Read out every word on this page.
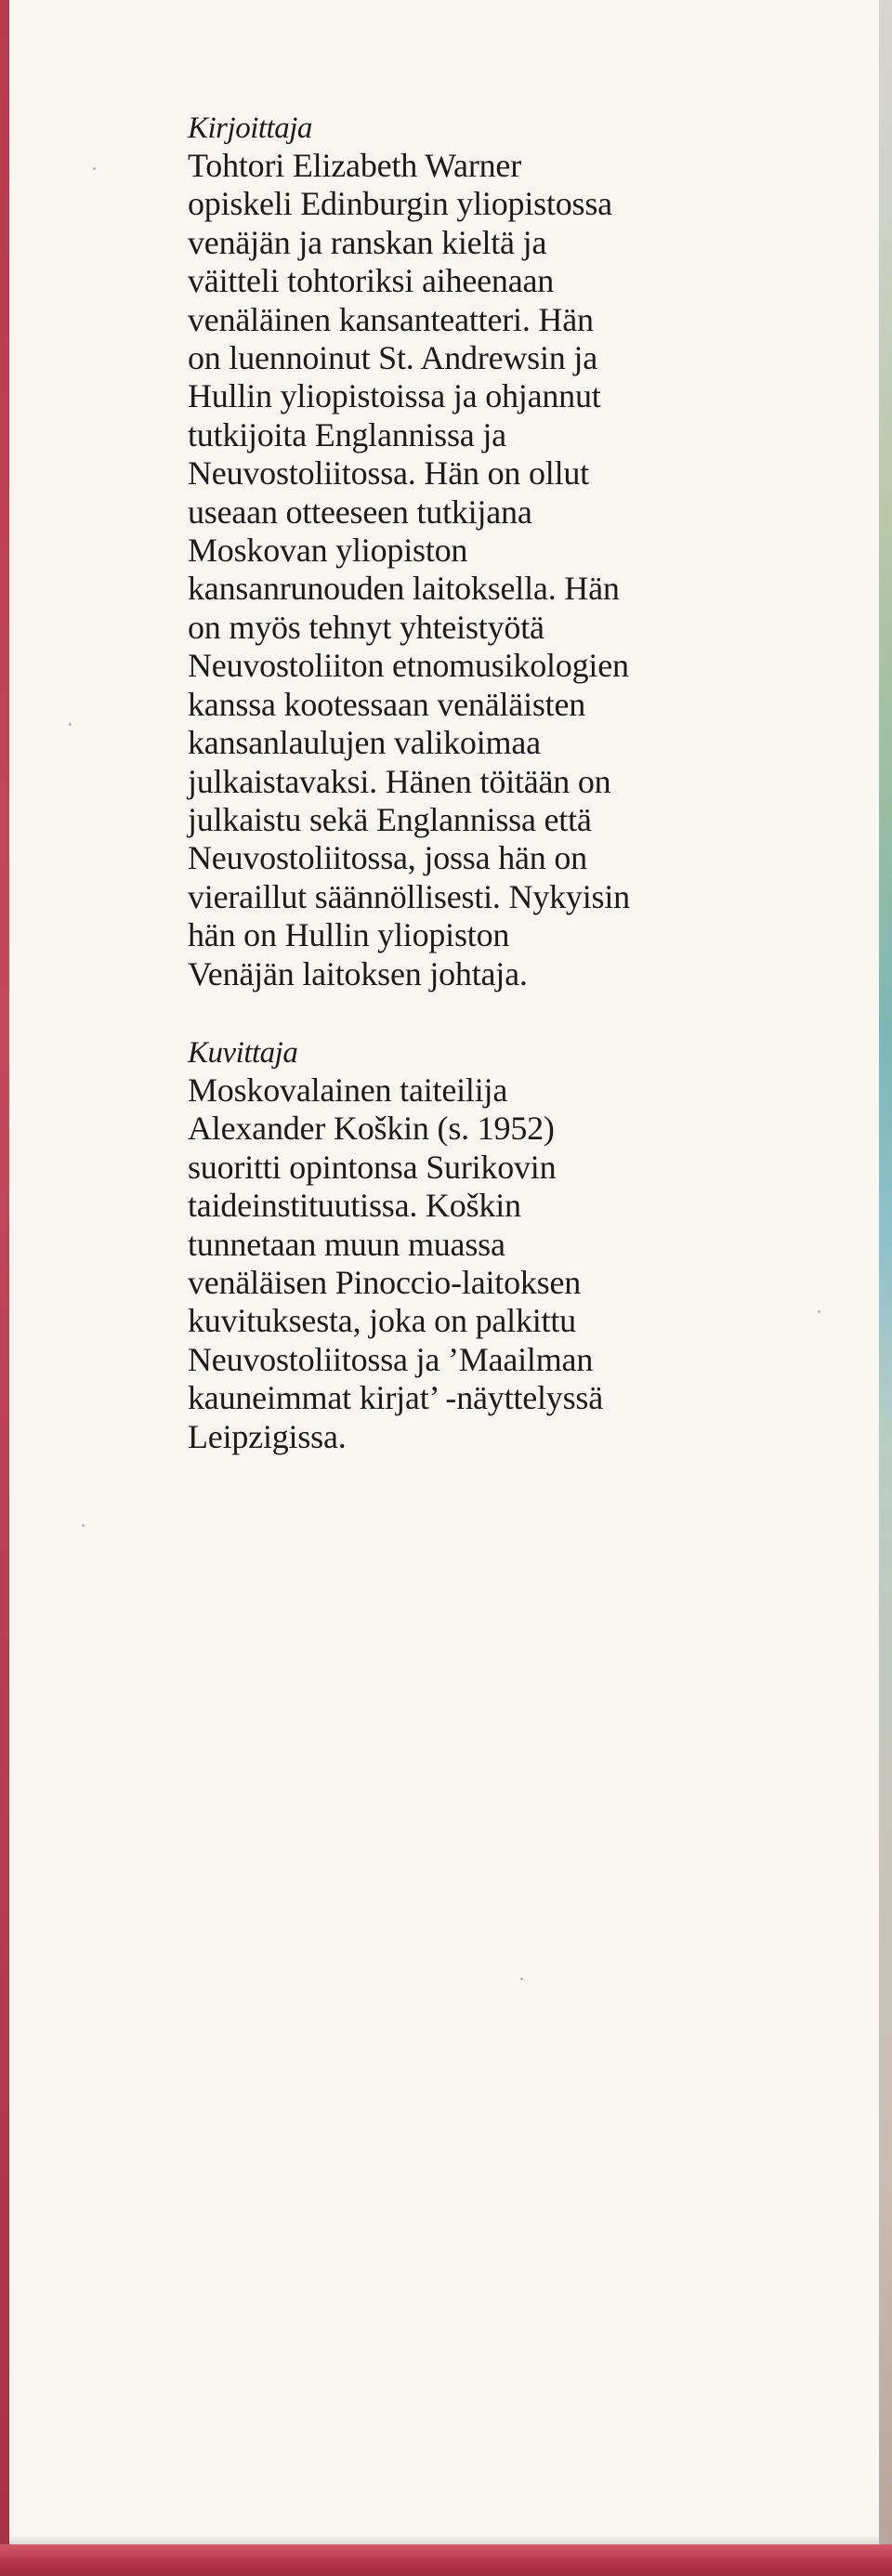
Kirjoittaja
Tohtori Elizabeth Warner
opiskeli Edinburgin yliopistossa
venäjän ja ranskan kieltä ja
väitteli tohtoriksi aiheenaan
venäläinen kansanteatteri. Hän
on luennoinut St. Andrewsin ja
Hullin yliopistoissa ja ohjannut
tutkijoita Englannissa ja
Neuvostoliitossa. Hän on ollut
useaan otteeseen tutkijana
Moskovan yliopiston
kansanrunouden laitoksella. Hän
on myös tehnyt yhteistyötä
Neuvostoliiton etnomusikologien
kanssa kootessaan venäläisten
kansanlaulujen valikoimaa
julkaistavaksi. Hänen töitään on
julkaistu sekä Englannissa että
Neuvostoliitossa, jossa hän on
vieraillut säännöllisesti. Nykyisin
hän on Hullin yliopiston
Venäjän laitoksen johtaja.
Kuvittaja
Moskovalainen taiteilija
Alexander Koškin (s. 1952)
suoritti opintonsa Surikovin
taideinstituutissa. Koškin
tunnetaan muun muassa
venäläisen Pinoccio-laitoksen
kuvituksesta, joka on palkittu
Neuvostoliitossa ja ’Maailman
kauneimmat kirjat’ -näyttelyssä
Leipzigissa.
